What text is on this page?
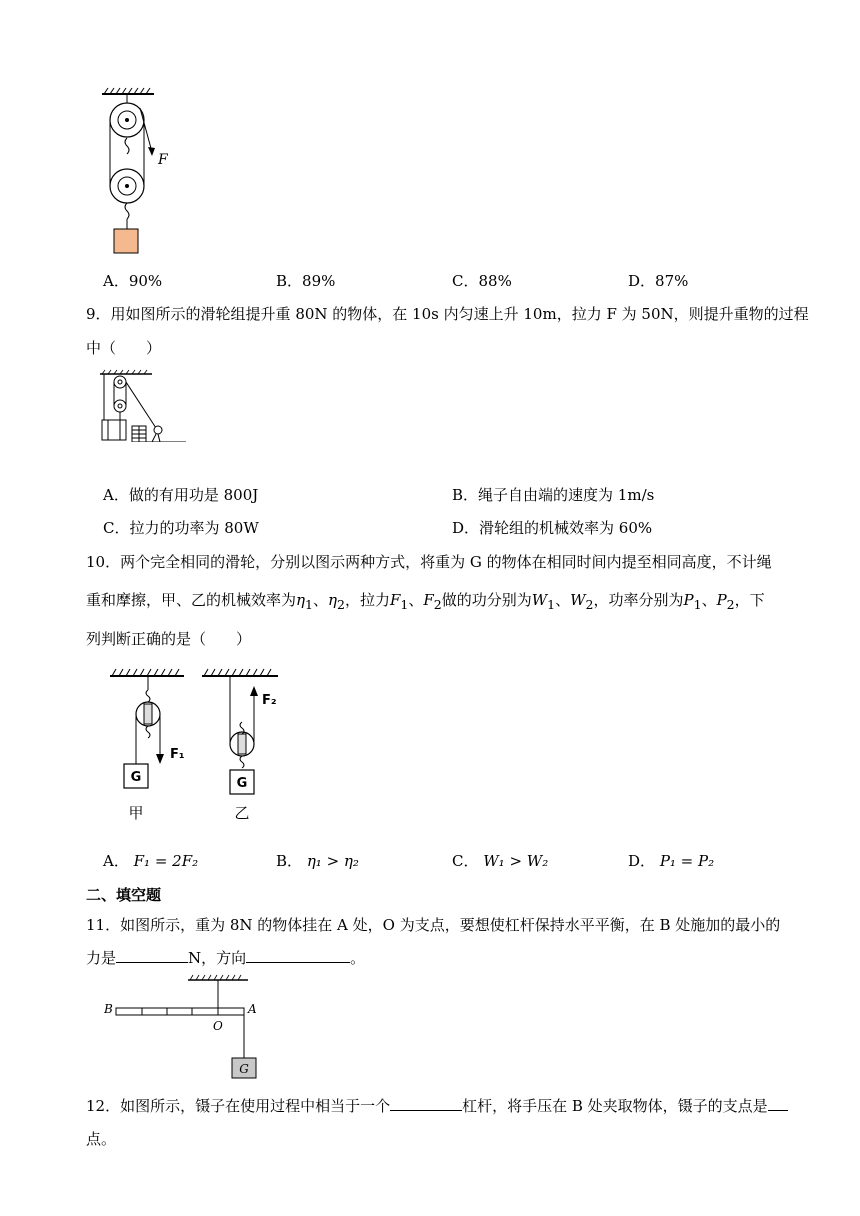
F
A．90%	B．89%	C．88%	D．87%
9．用如图所示的滑轮组提升重 80N 的物体，在 10s 内匀速上升 10m，拉力 F 为 50N，则提升重物的过程
中（　　）
A．做的有用功是 800J	B．绳子自由端的速度为 1m/s
C．拉力的功率为 80W	D．滑轮组的机械效率为 60%
10．两个完全相同的滑轮，分别以图示两种方式，将重为 G 的物体在相同时间内提至相同高度，不计绳
重和摩擦，甲、乙的机械效率为$\eta_1$、$\eta_2$，拉力$F_1$、$F_2$做的功分别为$W_1$、$W_2$，功率分别为$P_1$、$P_2$，下
列判断正确的是（　　）
F₁
G
甲
F₂
G
乙
A． F₁ = 2F₂	B． η₁ > η₂	C． W₁ > W₂	D． P₁ = P₂
二、填空题
11．如图所示，重为 8N 的物体挂在 A 处，O 为支点，要想使杠杆保持水平平衡，在 B 处施加的最小的
力是	N，方向	。
B	A
O
G
12．如图所示，镊子在使用过程中相当于一个	杠杆，将手压在 B 处夹取物体，镊子的支点是
点。
